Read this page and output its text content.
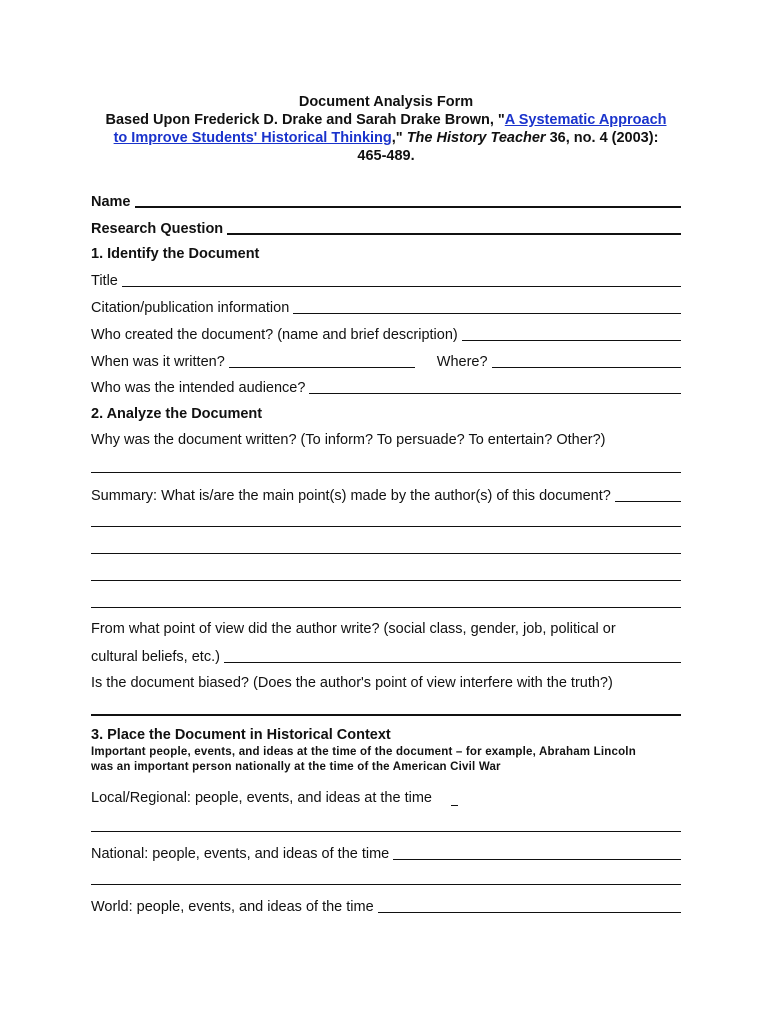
Document Analysis Form
Based Upon Frederick D. Drake and Sarah Drake Brown, "A Systematic Approach
to Improve Students' Historical Thinking," The History Teacher 36, no. 4 (2003):
465-489.
Name
Research Question
1. Identify the Document
Title
Citation/publication information
Who created the document? (name and brief description)
When was it written?	Where?
Who was the intended audience?
2. Analyze the Document
Why was the document written? (To inform? To persuade? To entertain? Other?)
Summary: What is/are the main point(s) made by the author(s) of this document?
From what point of view did the author write? (social class, gender, job, political or
cultural beliefs, etc.)
Is the document biased? (Does the author's point of view interfere with the truth?)
3. Place the Document in Historical Context
Important people, events, and ideas at the time of the document – for example, Abraham Lincoln
was an important person nationally at the time of the American Civil War
Local/Regional: people, events, and ideas at the time
National: people, events, and ideas of the time
World: people, events, and ideas of the time
